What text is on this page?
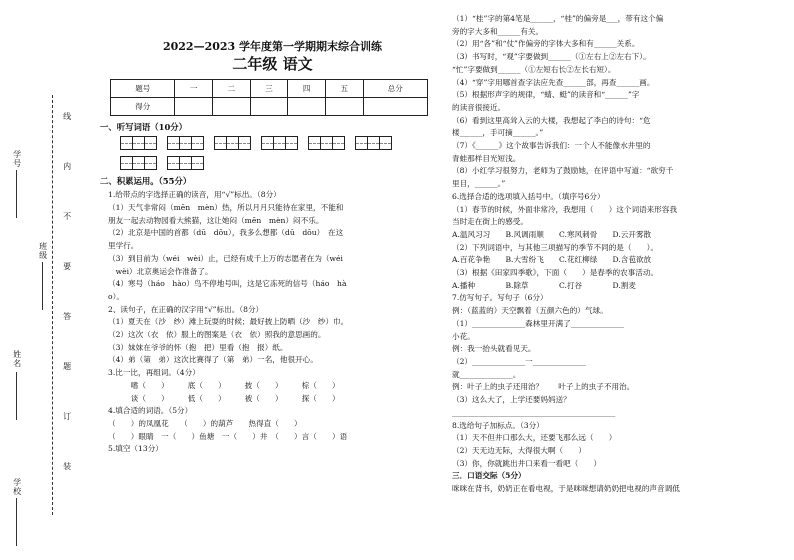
学号
班级
姓名
学校
线
内
不
要
答
题
订
装
2022—2023 学年度第一学期期末综合训练
二年级 语文
题号	一	二	三	四	五	总分
得分						
一、听写词语（10分）
二、积累运用。（55分）
1.给带点的字选择正确的读音，用“√”标出。（8分）
（1）天气非常闷（mēn　mèn）热，所以月月只能待在家里，不能和
朋友一起去动物园看大熊猫，这让她闷（mēn　mèn）闷不乐。
（2）北京是中国的首都（dū　dōu），我多么想都（dū　dōu）　在这
里学行。
（3）到目前为（wéi　wèi）止，已经有成千上万的志愿者在为（wéi
　wèi）北京奥运会作准备了。
（4）寒号（háo　hào）鸟不停地号叫，这是它冻死的信号（háo　hà
o）。
2、读句子，在正确的汉字用“√”标出。（8分）
（1）夏天在（沙　纱）滩上玩耍的时候；最好披上防晒（沙　纱）巾。
（2）这次（衣　依）服上的图案是（衣　依）照我的意思画的。
（3）妹妹在爷爷的怀（抱　把）里看（抱　报）纸。
（4）弟（第　弟）这次比赛得了（第　弟）一名，他很开心。
3.比一比，再组词。（4分）
　　　嗜（　　）　　　底（　　）　　　披（　　）　　　棕（　　）
　　　谈（　　）　　　低（　　）　　　被（　　）　　　探（　　）
4.填合适的词语。（5分）
（　　）的凤凰花　　（　　）的葫芦　　热得直（　　）
（　　）眼睛　一（　　）鱼塘　一（　　）井　（　　）言（　　）语
5.填空（13分）
（1）“桂”字的第4笔是______，“桂”的偏旁是___，带有这个偏
旁的字大多和______有关。
（2）用“各”和“仗”作偏旁的字体大多和有______关系。
（3）书写时，“观”字要做到______（①左右上②左右下）。
“忙”字要做到______（①左短右长②左长右短）。
（4）“穿”字用哪首查字法应先查______部，再查______画。
（5）根据形声字的规律，“蜻、蜓”的读音和“______”字
的读音很接近。
（6）看到这里高耸入云的大楼，我想起了李白的诗句：“危
楼______，手可摘______。”
（7）《______》这个故事告诉我们：一个人不能像水井里的
青蛙那样目光短浅。
（8）小红学习很努力，老师为了鼓励她，在评语中写道：“欲穷千
里目，______。”
6.选择合适的选项填入括号中。（填序号6分）
（1）春节的时候，外面非常冷，我想用（　　）这个词语来形容我
当时走在街上的感受。
A.温风习习　　B.风调雨顺　　C.寒风刺骨　　D.云开雾散
（2）下列词语中，与其他三项描写的季节不同的是（　　）。
A.百花争艳　　B.大雪纷飞　　C.花红柳绿　　D.含苞欲放
（3）根据《田家四季歌》，下面（　　）是春季的农事活动。
A.播种　　　　B.除草　　　　C.打谷　　　　D.割麦
7.仿写句子。写句子（6分）
例：（蓝蓝的）天空飘着（五颜六色的）气球。
（1）______________森林里开满了______________
小花。
例：我一抬头就看见天。
（2）______________一______________
就______________。
例：叶子上的虫子还用治？　　叶子上的虫子不用治。
（3）这么大了，上学还要妈妈送？
___________________________________________
8.选给句子加标点。（3分）
（1）天不但井口那么大，还要飞那么远（　　）
（2）天无边无际，大得很大啊（　　）
（3）你，你就跳出井口来看一看吧（　　）
三．口语交际（5分）
咪咪在背书，奶奶正在看电视，于是咪咪想请奶奶把电视的声音调低
